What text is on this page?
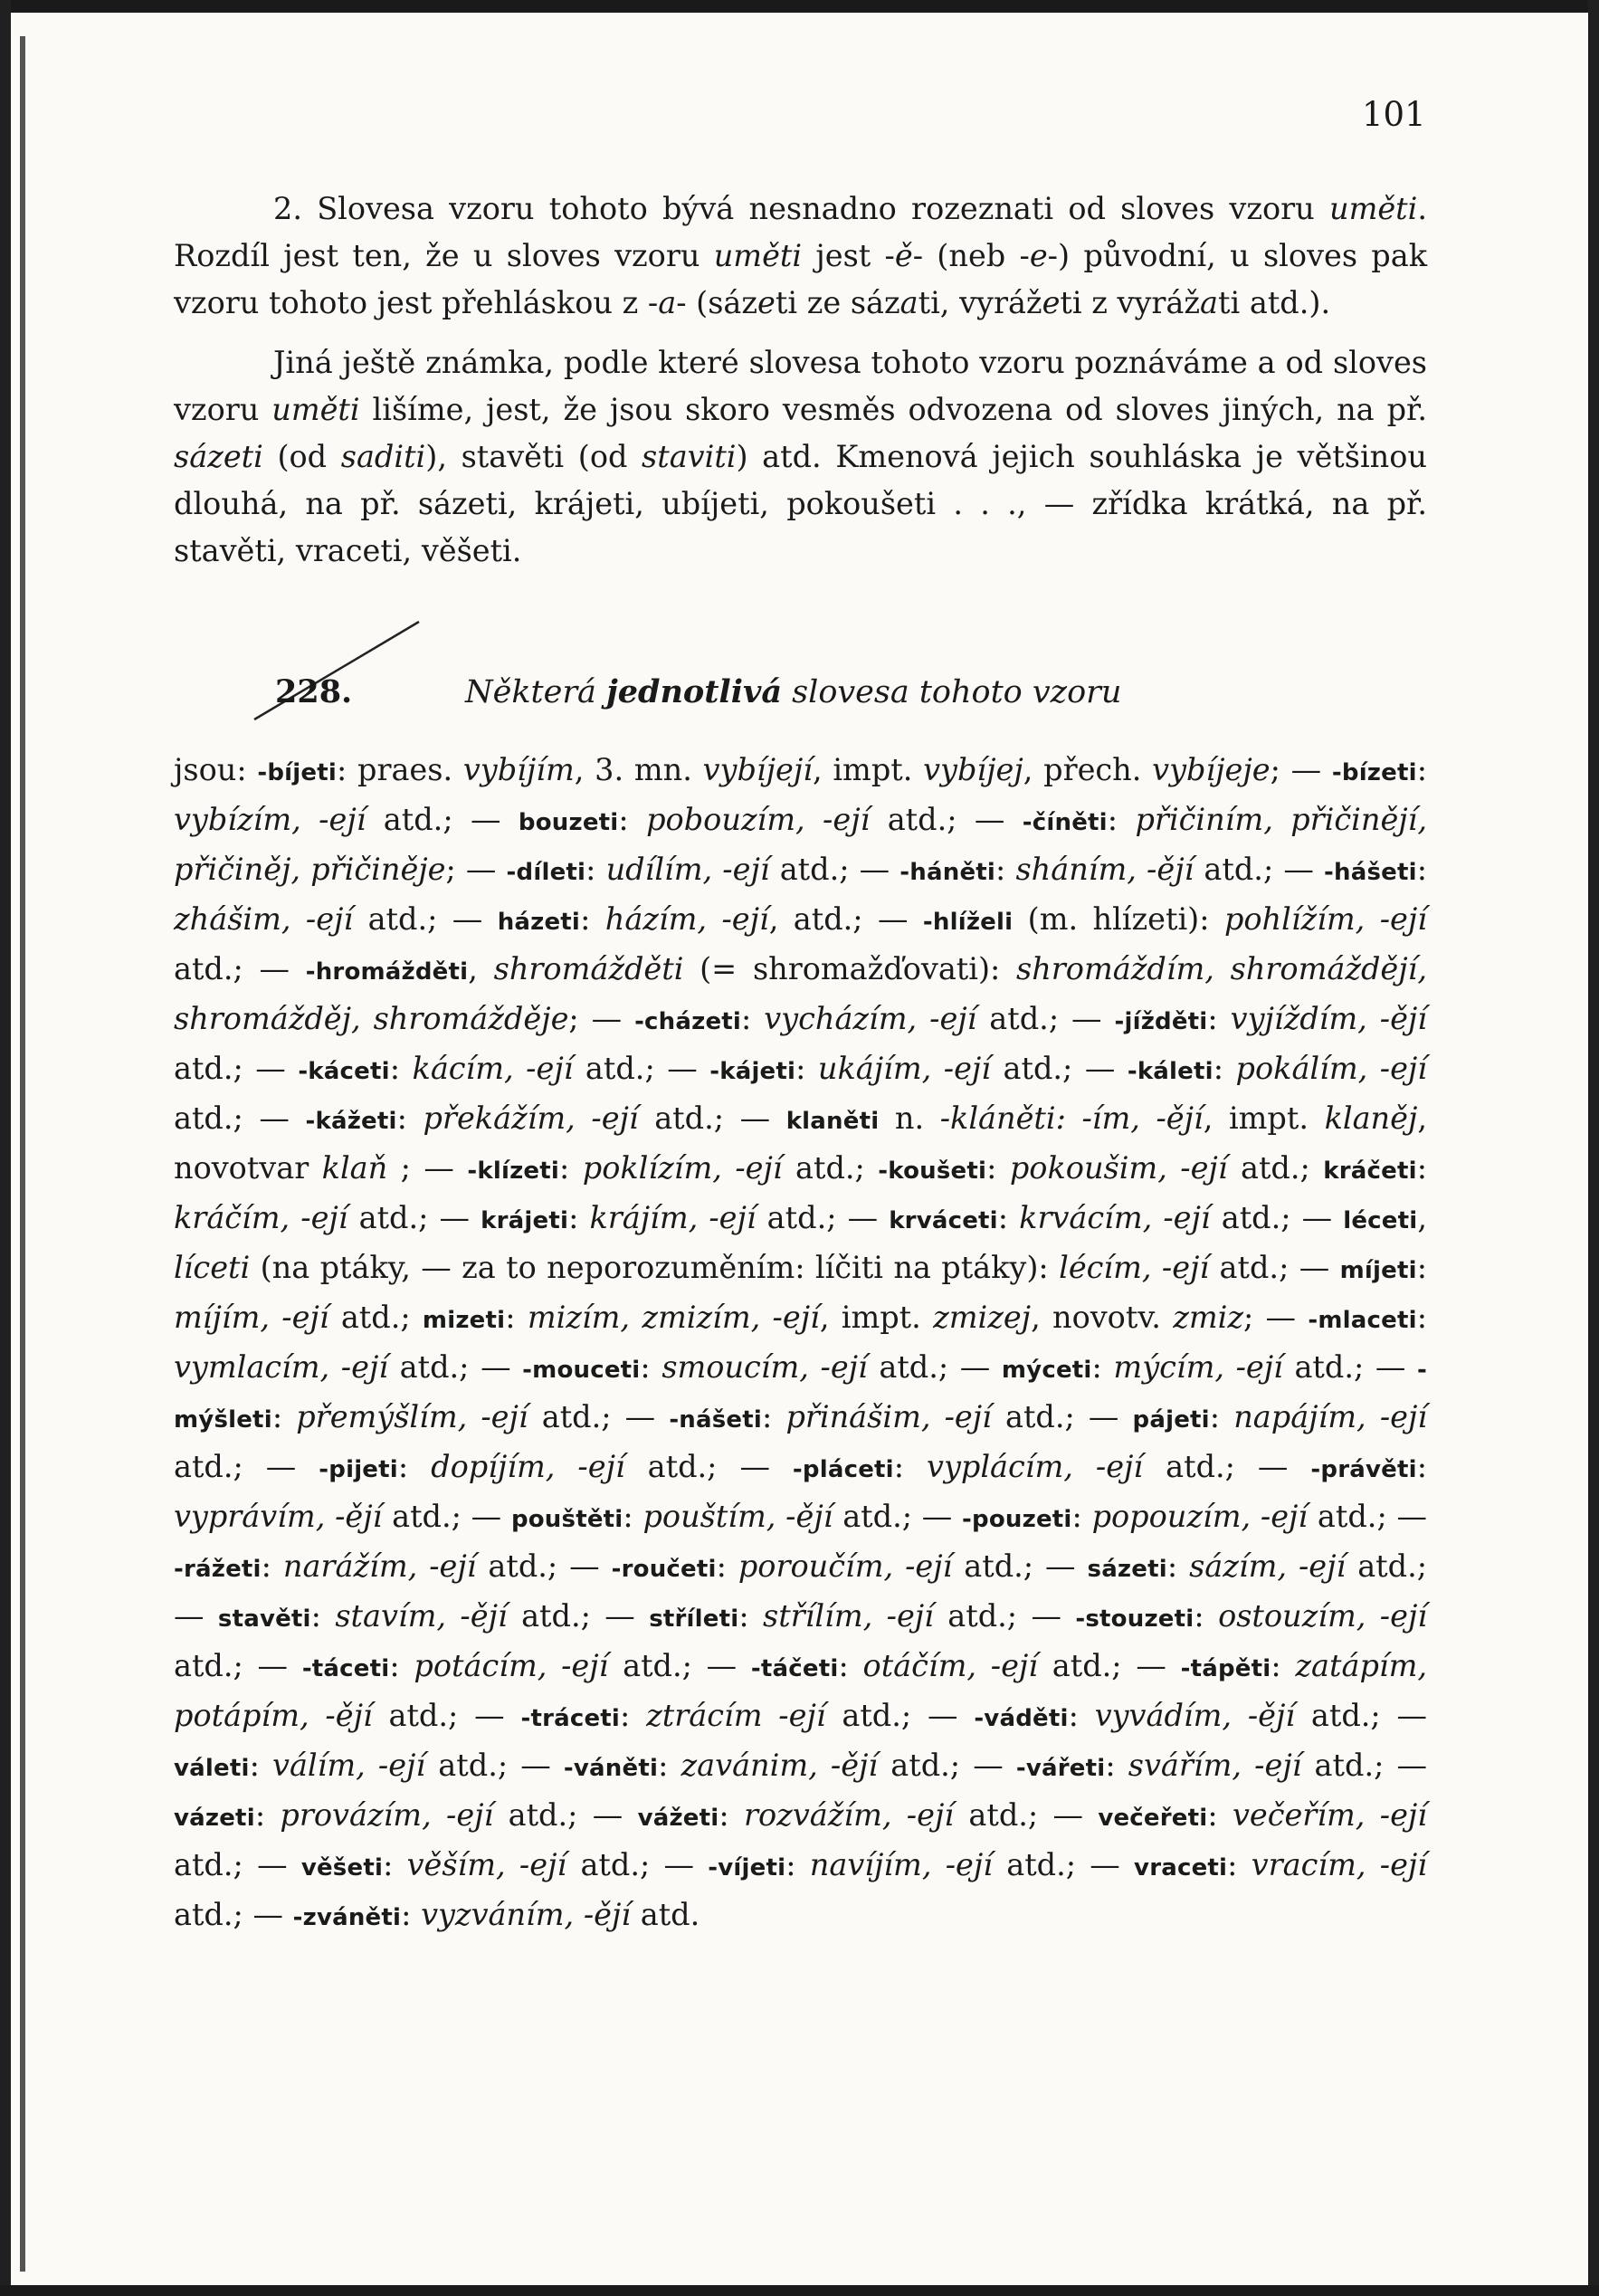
101

2. Slovesa vzoru tohoto bývá nesnadno rozeznati od sloves vzoru uměti. Rozdíl jest ten, že u sloves vzoru uměti jest -ě- (neb -e-) původní, u sloves pak vzoru tohoto jest přehláskou z -a- (sázeti ze sázati, vyrážeti z vyrážati atd.).

Jiná ještě známka, podle které slovesa tohoto vzoru poznáváme a od sloves vzoru uměti lišíme, jest, že jsou skoro vesměs odvozena od sloves jiných, na př. sázeti (od saditi), stavěti (od staviti) atd. Kmenová jejich souhláska je většinou dlouhá, na př. sázeti, krájeti, ubíjeti, pokoušeti . . ., — zřídka krátká, na př. stavěti, vraceti, věšeti.

228.	Některá jednotlivá slovesa tohoto vzoru

jsou: -bíjeti: praes. vybíjím, 3. mn. vybíjejí, impt. vybíjej, přech. vybíjeje; — -bízeti: vybízím, -ejí atd.; — bouzeti: pobouzím, -ejí atd.; — -číněti: přičiním, přičinějí, přičiněj, přičiněje; — -díleti: udílím, -ejí atd.; — -háněti: sháním, -ějí atd.; — -hášeti: zhášim, -ejí atd.; — házeti: házím, -ejí, atd.; — -hlíželi (m. hlízeti): pohlížím, -ejí atd.; — -hromážděti, shromážděti (= shromažďovati): shromáždím, shromáždějí, shromážděj, shromážděje; — -cházeti: vycházím, -ejí atd.; — -jížděti: vyjíždím, -ějí atd.; — -káceti: kácím, -ejí atd.; — -kájeti: ukájím, -ejí atd.; — -káleti: pokálím, -ejí atd.; — -kážeti: překážím, -ejí atd.; — klaněti n. -kláněti: -ím, -ějí, impt. klaněj, novotvar klaň ; — -klízeti: poklízím, -ejí atd.; -koušeti: pokoušim, -ejí atd.; kráčeti: kráčím, -ejí atd.; — krájeti: krájím, -ejí atd.; — krváceti: krvácím, -ejí atd.; — léceti, líceti (na ptáky, — za to neporozuměním: líčiti na ptáky): lécím, -ejí atd.; — míjeti: míjím, -ejí atd.; mizeti: mizím, zmizím, -ejí, impt. zmizej, novotv. zmiz; — -mlaceti: vymlacím, -ejí atd.; — -mouceti: smoucím, -ejí atd.; — mýceti: mýcím, -ejí atd.; — -mýšleti: přemýšlím, -ejí atd.; — -nášeti: přinášim, -ejí atd.; — pájeti: napájím, -ejí atd.; — -pijeti: dopíjím, -ejí atd.; — -pláceti: vyplácím, -ejí atd.; — -právěti: vyprávím, -ějí atd.; — pouštěti: pouštím, -ějí atd.; — -pouzeti: popouzím, -ejí atd.; — -rážeti: narážím, -ejí atd.; — -roučeti: poroučím, -ejí atd.; — sázeti: sázím, -ejí atd.; — stavěti: stavím, -ějí atd.; — stříleti: střílím, -ejí atd.; — -stouzeti: ostouzím, -ejí atd.; — -táceti: potácím, -ejí atd.; — -táčeti: otáčím, -ejí atd.; — -tápěti: zatápím, potápím, -ějí atd.; — -tráceti: ztrácím -ejí atd.; — -váděti: vyvádím, -ějí atd.; — váleti: válím, -ejí atd.; — -váněti: zavánim, -ějí atd.; — -vářeti: svářím, -ejí atd.; — vázeti: provázím, -ejí atd.; — vážeti: rozvážím, -ejí atd.; — večeřeti: večeřím, -ejí atd.; — věšeti: věším, -ejí atd.; — -víjeti: navíjím, -ejí atd.; — vraceti: vracím, -ejí atd.; — -zváněti: vyzváním, -ějí atd.
